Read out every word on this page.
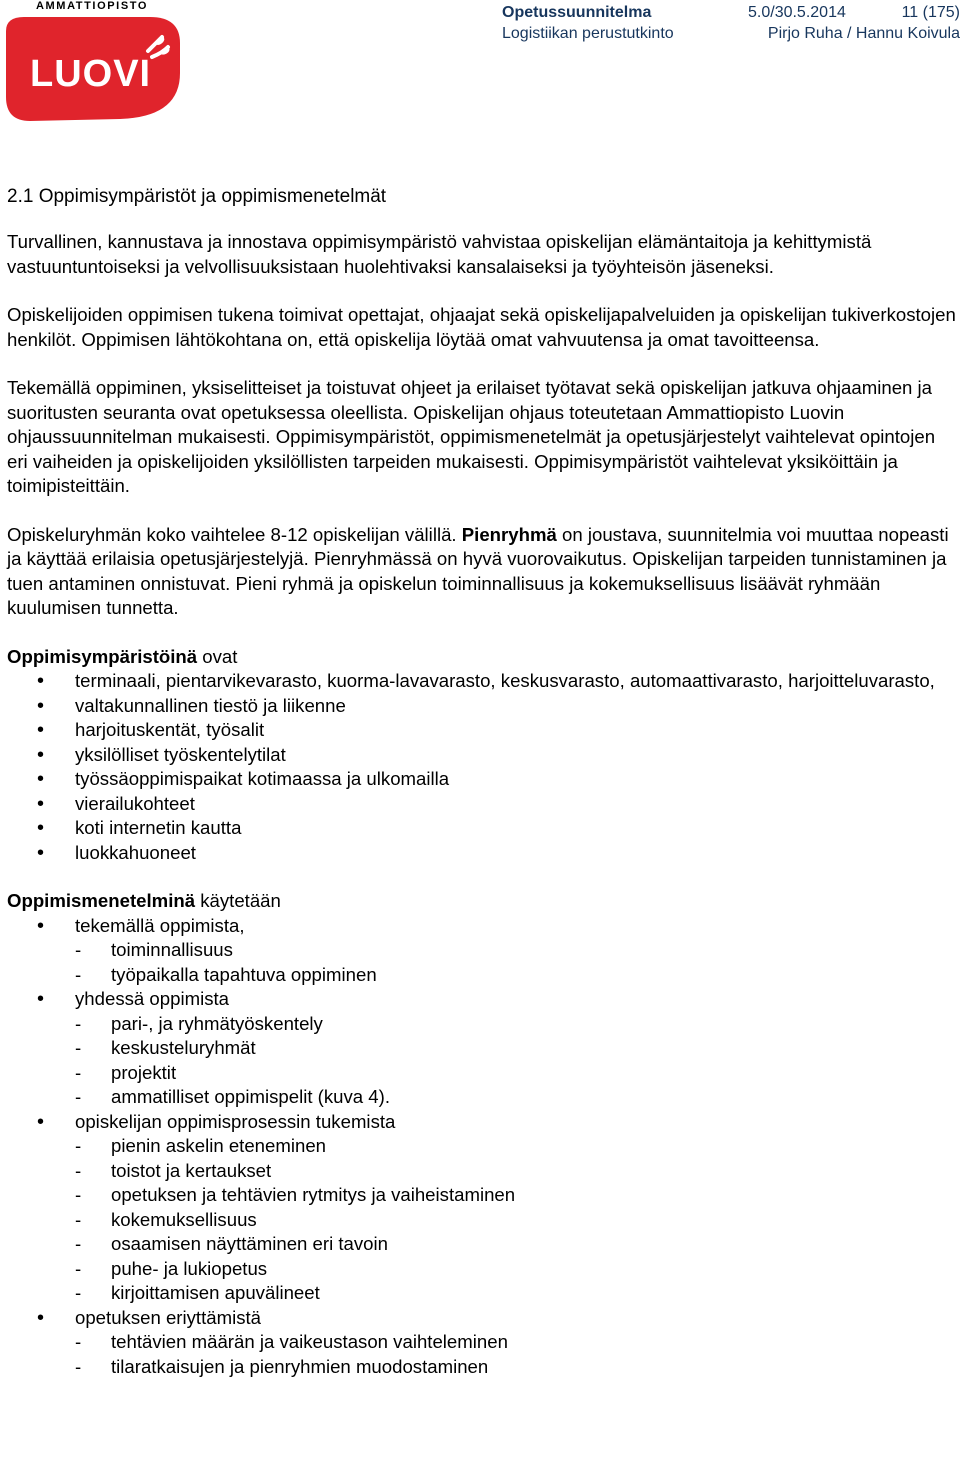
AMMATTIOPISTO
LUOVI
Opetussuunnitelma	5.0/30.5.2014	11 (175)
Logistiikan perustutkinto	Pirjo Ruha / Hannu Koivula
2.1 Oppimisympäristöt ja oppimismenetelmät

Turvallinen, kannustava ja innostava oppimisympäristö vahvistaa opiskelijan elämäntaitoja ja kehittymistä vastuuntuntoiseksi ja velvollisuuksistaan huolehtivaksi kansalaiseksi ja työyhteisön jäseneksi.

Opiskelijoiden oppimisen tukena toimivat opettajat, ohjaajat sekä opiskelijapalveluiden ja opiskelijan tukiverkostojen henkilöt. Oppimisen lähtökohtana on, että opiskelija löytää omat vahvuutensa ja omat tavoitteensa.

Tekemällä oppiminen, yksiselitteiset ja toistuvat ohjeet ja erilaiset työtavat sekä opiskelijan jatkuva ohjaaminen ja suoritusten seuranta ovat opetuksessa oleellista. Opiskelijan ohjaus toteutetaan Ammattiopisto Luovin ohjaussuunnitelman mukaisesti. Oppimisympäristöt, oppimismenetelmät ja opetusjärjestelyt vaihtelevat opintojen eri vaiheiden ja opiskelijoiden yksilöllisten tarpeiden mukaisesti. Oppimisympäristöt vaihtelevat yksiköittäin ja toimipisteittäin.

Opiskeluryhmän koko vaihtelee 8-12 opiskelijan välillä. Pienryhmä on joustava, suunnitelmia voi muuttaa nopeasti ja käyttää erilaisia opetusjärjestelyjä. Pienryhmässä on hyvä vuorovaikutus. Opiskelijan tarpeiden tunnistaminen ja tuen antaminen onnistuvat. Pieni ryhmä ja opiskelun toiminnallisuus ja kokemuksellisuus lisäävät ryhmään kuulumisen tunnetta.

Oppimisympäristöinä ovat
• terminaali, pientarvikevarasto, kuorma-lavavarasto, keskusvarasto, automaattivarasto, harjoitteluvarasto,
• valtakunnallinen tiestö ja liikenne
• harjoituskentät, työsalit
• yksilölliset työskentelytilat
• työssäoppimispaikat kotimaassa ja ulkomailla
• vierailukohteet
• koti internetin kautta
• luokkahuoneet
Oppimismenetelminä käytetään
• tekemällä oppimista,
- toiminnallisuus
- työpaikalla tapahtuva oppiminen
• yhdessä oppimista
- pari-, ja ryhmätyöskentely
- keskusteluryhmät
- projektit
- ammatilliset oppimispelit (kuva 4).
• opiskelijan oppimisprosessin tukemista
- pienin askelin eteneminen
- toistot ja kertaukset
- opetuksen ja tehtävien rytmitys ja vaiheistaminen
- kokemuksellisuus
- osaamisen näyttäminen eri tavoin
- puhe- ja lukiopetus
- kirjoittamisen apuvälineet
• opetuksen eriyttämistä
- tehtävien määrän ja vaikeustason vaihteleminen
- tilaratkaisujen ja pienryhmien muodostaminen
